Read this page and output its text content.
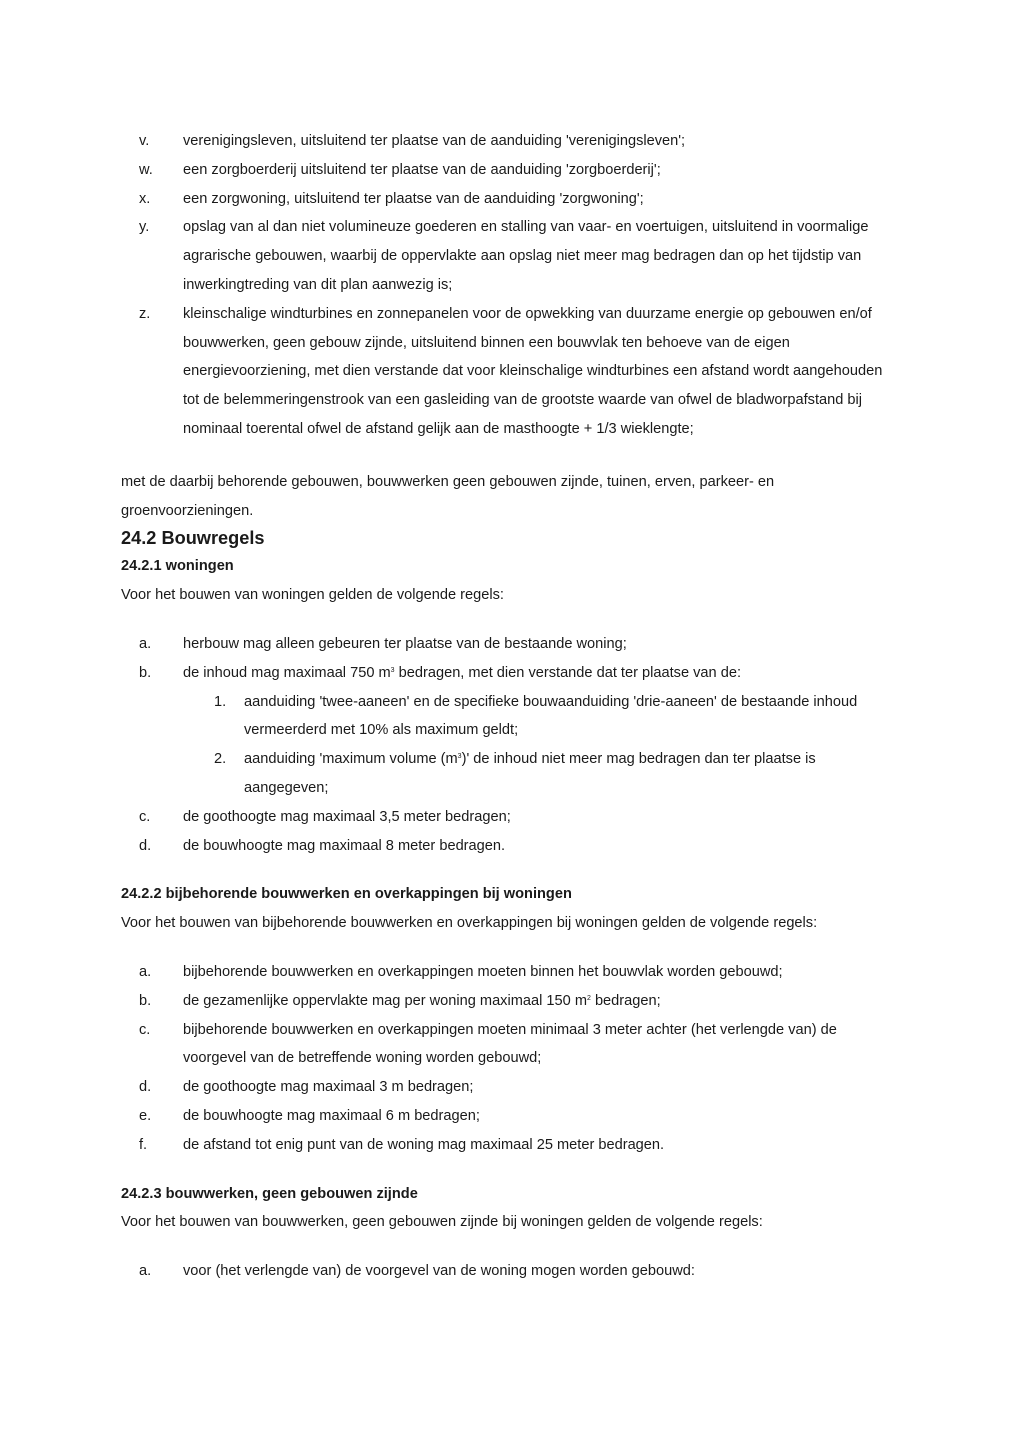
v.	verenigingsleven, uitsluitend ter plaatse van de aanduiding 'verenigingsleven';
w.	een zorgboerderij uitsluitend ter plaatse van de aanduiding 'zorgboerderij';
x.	een zorgwoning, uitsluitend ter plaatse van de aanduiding 'zorgwoning';
y.	opslag van al dan niet volumineuze goederen en stalling van vaar- en voertuigen, uitsluitend in voormalige agrarische gebouwen, waarbij de oppervlakte aan opslag niet meer mag bedragen dan op het tijdstip van inwerkingtreding van dit plan aanwezig is;
z.	kleinschalige windturbines en zonnepanelen voor de opwekking van duurzame energie op gebouwen en/of bouwwerken, geen gebouw zijnde, uitsluitend binnen een bouwvlak ten behoeve van de eigen energievoorziening, met dien verstande dat voor kleinschalige windturbines een afstand wordt aangehouden tot de belemmeringenstrook van een gasleiding van de grootste waarde van ofwel de bladworpafstand bij nominaal toerental ofwel de afstand gelijk aan de masthoogte + 1/3 wieklengte;
met de daarbij behorende gebouwen, bouwwerken geen gebouwen zijnde, tuinen, erven, parkeer- en groenvoorzieningen.
24.2 Bouwregels
24.2.1 woningen
Voor het bouwen van woningen gelden de volgende regels:
a.	herbouw mag alleen gebeuren ter plaatse van de bestaande woning;
b.	de inhoud mag maximaal 750 $m^3$ bedragen, met dien verstande dat ter plaatse van de:
1.	aanduiding 'twee-aaneen' en de specifieke bouwaanduiding 'drie-aaneen' de bestaande inhoud vermeerderd met 10% als maximum geldt;
2.	aanduiding 'maximum volume $(m^3)'$ de inhoud niet meer mag bedragen dan ter plaatse is aangegeven;
c.	de goothoogte mag maximaal 3,5 meter bedragen;
d.	de bouwhoogte mag maximaal 8 meter bedragen.
24.2.2 bijbehorende bouwwerken en overkappingen bij woningen
Voor het bouwen van bijbehorende bouwwerken en overkappingen bij woningen gelden de volgende regels:
a.	bijbehorende bouwwerken en overkappingen moeten binnen het bouwvlak worden gebouwd;
b.	de gezamenlijke oppervlakte mag per woning maximaal 150 $m^2$ bedragen;
c.	bijbehorende bouwwerken en overkappingen moeten minimaal 3 meter achter (het verlengde van) de voorgevel van de betreffende woning worden gebouwd;
d.	de goothoogte mag maximaal 3 m bedragen;
e.	de bouwhoogte mag maximaal 6 m bedragen;
f.	de afstand tot enig punt van de woning mag maximaal 25 meter bedragen.
24.2.3 bouwwerken, geen gebouwen zijnde
Voor het bouwen van bouwwerken, geen gebouwen zijnde bij woningen gelden de volgende regels:
a.	voor (het verlengde van) de voorgevel van de woning mogen worden gebouwd:
